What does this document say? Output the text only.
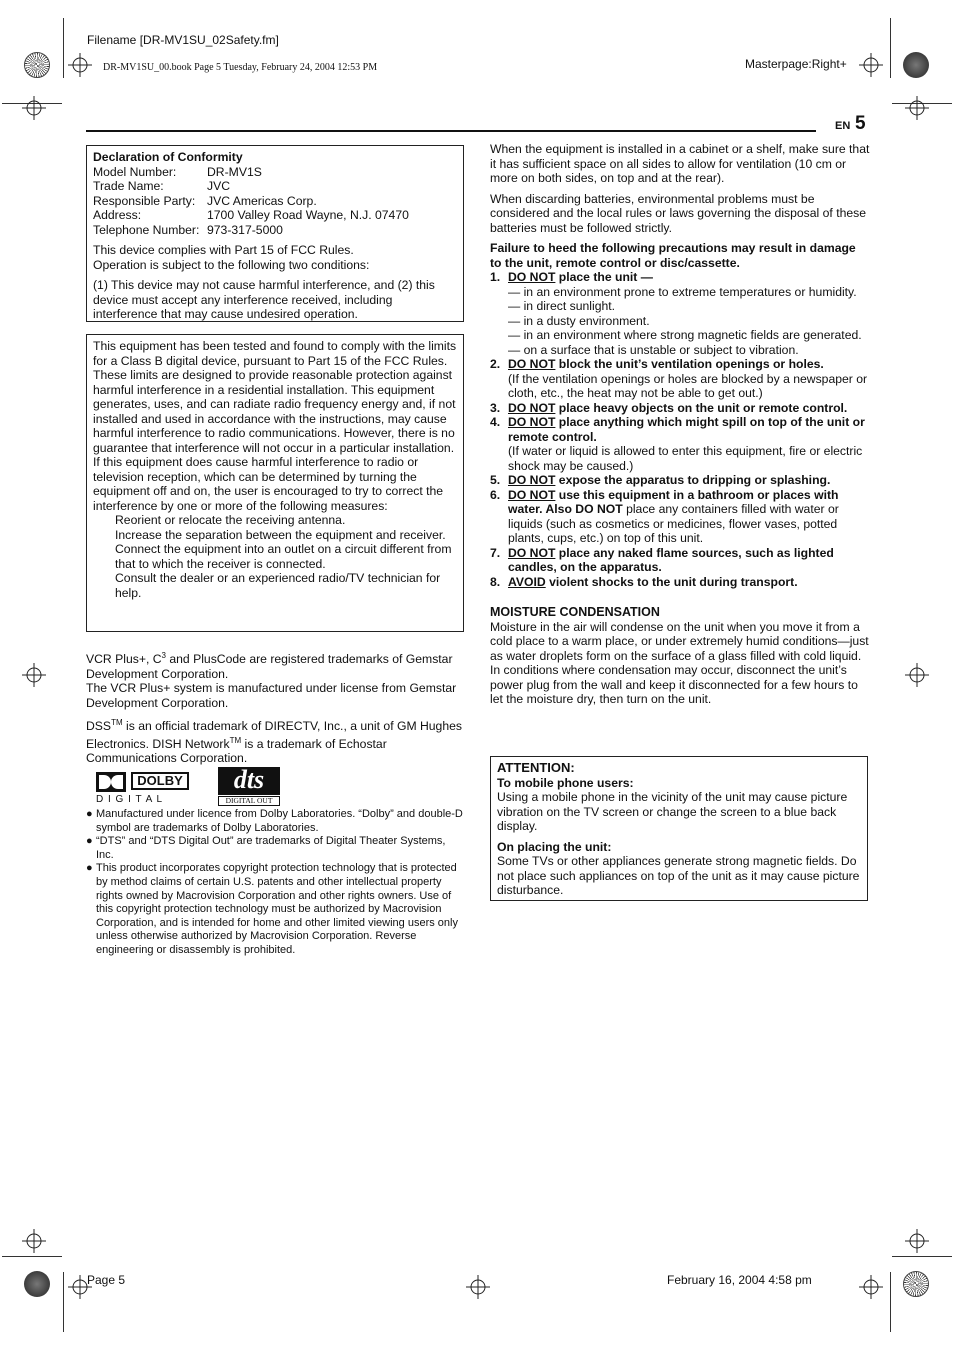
Filename [DR-MV1SU_02Safety.fm]
DR-MV1SU_00.book Page 5 Tuesday, February 24, 2004 12:53 PM	Masterpage:Right+
EN 5
Declaration of Conformity
Model Number:	DR-MV1S
Trade Name:	JVC
Responsible Party: JVC Americas Corp.
Address:	1700 Valley Road Wayne, N.J. 07470
Telephone Number: 973-317-5000
This device complies with Part 15 of FCC Rules.

Operation is subject to the following two conditions:

(1) This device may not cause harmful interference, and (2) this device must accept any interference received, including interference that may cause undesired operation.

This equipment has been tested and found to comply with the limits for a Class B digital device, pursuant to Part 15 of the FCC Rules. These limits are designed to provide reasonable protection against harmful interference in a residential installation. This equipment generates, uses, and can radiate radio frequency energy and, if not installed and used in accordance with the instructions, may cause harmful interference to radio communications. However, there is no guarantee that interference will not occur in a particular installation. If this equipment does cause harmful interference to radio or television reception, which can be determined by turning the equipment off and on, the user is encouraged to try to correct the interference by one or more of the following measures:
Reorient or relocate the receiving antenna.
Increase the separation between the equipment and receiver.
Connect the equipment into an outlet on a circuit different from that to which the receiver is connected.
Consult the dealer or an experienced radio/TV technician for help.
VCR Plus+, $C^3$ and PlusCode are registered trademarks of Gemstar Development Corporation.

The VCR Plus+ system is manufactured under license from Gemstar Development Corporation.

DSS™ is an official trademark of DIRECTV, Inc., a unit of GM Hughes Electronics. DISH Network™ is a trademark of Echostar Communications Corporation.
DOLBY
D I G I T A L
dts
DIGITAL OUT
● Manufactured under licence from Dolby Laboratories. “Dolby” and double-D symbol are trademarks of Dolby Laboratories.
● “DTS” and “DTS Digital Out” are trademarks of Digital Theater Systems, Inc.
● This product incorporates copyright protection technology that is protected by method claims of certain U.S. patents and other intellectual property rights owned by Macrovision Corporation and other rights owners. Use of this copyright protection technology must be authorized by Macrovision Corporation, and is intended for home and other limited viewing users only unless otherwise authorized by Macrovision Corporation. Reverse engineering or disassembly is prohibited.

When the equipment is installed in a cabinet or a shelf, make sure that it has sufficient space on all sides to allow for ventilation (10 cm or more on both sides, on top and at the rear).

When discarding batteries, environmental problems must be considered and the local rules or laws governing the disposal of these batteries must be followed strictly.

Failure to heed the following precautions may result in damage to the unit, remote control or disc/cassette.
1. DO NOT place the unit —
— in an environment prone to extreme temperatures or humidity.
— in direct sunlight.
— in a dusty environment.
— in an environment where strong magnetic fields are generated.
— on a surface that is unstable or subject to vibration.
2. DO NOT block the unit’s ventilation openings or holes.
(If the ventilation openings or holes are blocked by a newspaper or cloth, etc., the heat may not be able to get out.)
3. DO NOT place heavy objects on the unit or remote control.
4. DO NOT place anything which might spill on top of the unit or remote control.
(If water or liquid is allowed to enter this equipment, fire or electric shock may be caused.)
5. DO NOT expose the apparatus to dripping or splashing.
6. DO NOT use this equipment in a bathroom or places with water. Also DO NOT place any containers filled with water or liquids (such as cosmetics or medicines, flower vases, potted plants, cups, etc.) on top of this unit.
7. DO NOT place any naked flame sources, such as lighted candles, on the apparatus.
8. AVOID violent shocks to the unit during transport.
MOISTURE CONDENSATION
Moisture in the air will condense on the unit when you move it from a cold place to a warm place, or under extremely humid conditions—just as water droplets form on the surface of a glass filled with cold liquid. In conditions where condensation may occur, disconnect the unit’s power plug from the wall and keep it disconnected for a few hours to let the moisture dry, then turn on the unit.
ATTENTION:
To mobile phone users:

Using a mobile phone in the vicinity of the unit may cause picture vibration on the TV screen or change the screen to a blue back display.

On placing the unit:
Some TVs or other appliances generate strong magnetic fields. Do not place such appliances on top of the unit as it may cause picture disturbance.
Page 5	February 16, 2004 4:58 pm
